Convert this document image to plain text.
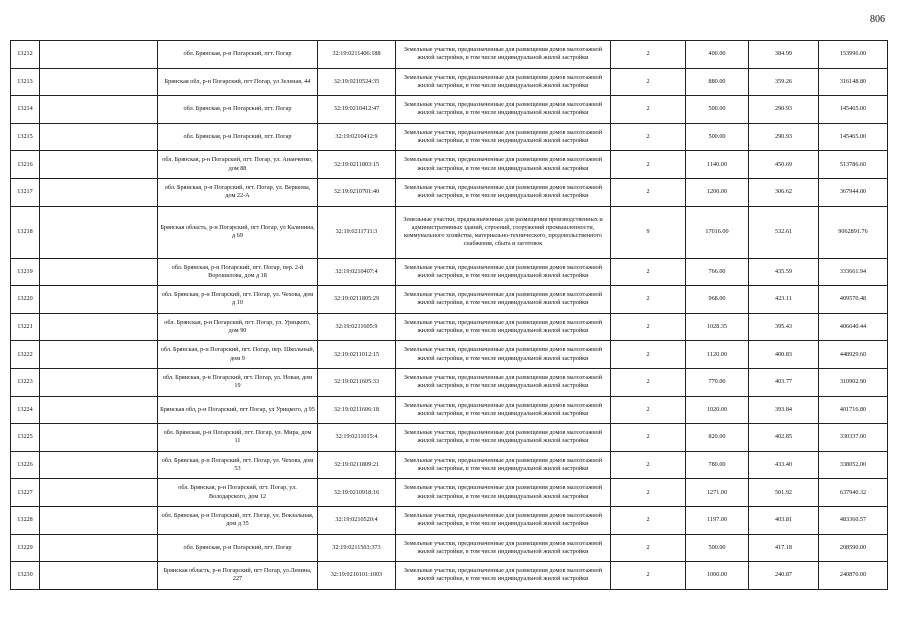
806
13212		обл. Брянская, р-н Погарский, пгт. Погар	32:19:0211406:188	Земельные участки, предназначенные для размещения домов малоэтажной жилой застройки, в том числе индивидуальной жилой застройки	2	400.00	384.99	153996.00
13213		Брянская обл, р-н Погарский, пгт Погар, ул Зеленая, 44	32:19:0210524:35	Земельные участки, предназначенные для размещения домов малоэтажной жилой застройки, в том числе индивидуальной жилой застройки	2	880.00	359.26	316148.80
13214		обл. Брянская, р-н Погарский, пгт. Погар	32:19:0210412:47	Земельные участки, предназначенные для размещения домов малоэтажной жилой застройки, в том числе индивидуальной жилой застройки	2	500.00	290.93	145465.00
13215		обл. Брянская, р-н Погарский, пгт. Погар	32:19:0210412:9	Земельные участки, предназначенные для размещения домов малоэтажной жилой застройки, в том числе индивидуальной жилой застройки	2	500.00	290.93	145465.00
13216		обл. Брянская, р-н Погарский, пгт. Погар, ул. Ананченко, дом 88	32:19:0211803:15	Земельные участки, предназначенные для размещения домов малоэтажной жилой застройки, в том числе индивидуальной жилой застройки	2	1140.00	450.69	513786.60
13217		обл. Брянская, р-н Погарский, пгт. Погар, ул. Веркеева, дом 22-А	32:19:0210701:40	Земельные участки, предназначенные для размещения домов малоэтажной жилой застройки, в том числе индивидуальной жилой застройки	2	1200.00	306.62	367944.00
13218		Брянская область, р-н Погарский, пгт Погар, ул Калинина, д 69	32:19:0211711:3	Земельные участки, предназначенные для размещения производственных и административных зданий, строений, сооружений промышленности, коммунального хозяйства, материально-технического, продовольственного снабжения, сбыта и заготовок	9	17016.00	532.61	9062891.76
13219		обл. Брянская, р-н Погарский, пгт. Погар, пер. 2-й Ворошилова, дом д 18	32:19:0210407:4	Земельные участки, предназначенные для размещения домов малоэтажной жилой застройки, в том числе индивидуальной жилой застройки	2	766.00	435.59	333661.94
13220		обл. Брянская, р-н Погарский, пгт. Погар, ул. Чехова, дом д 10	32:19:0211805:29	Земельные участки, предназначенные для размещения домов малоэтажной жилой застройки, в том числе индивидуальной жилой застройки	2	968.00	423.11	409570.48
13221		обл. Брянская, р-н Погарский, пгт. Погар, ул. Урицкого, дом 90	32:19:0211605:9	Земельные участки, предназначенные для размещения домов малоэтажной жилой застройки, в том числе индивидуальной жилой застройки	2	1028.35	395.43	406640.44
13222		обл. Брянская, р-н Погарский, пгт. Погар, пер. Школьный, дом 9	32:19:0211012:15	Земельные участки, предназначенные для размещения домов малоэтажной жилой застройки, в том числе индивидуальной жилой застройки	2	1120.00	400.83	448929.60
13223		обл. Брянская, р-н Погарский, пгт. Погар, ул. Новая, дом 19	32:19:0211605:33	Земельные участки, предназначенные для размещения домов малоэтажной жилой застройки, в том числе индивидуальной жилой застройки	2	770.00	403.77	310902.90
13224		Брянская обл, р-н Погарский, пгт Погар, ул Урицкого, д 95	32:19:0211606:18	Земельные участки, предназначенные для размещения домов малоэтажной жилой застройки, в том числе индивидуальной жилой застройки	2	1020.00	393.84	401716.80
13225		обл. Брянская, р-н Погарский, пгт. Погар, ул. Мира, дом 11	32:19:0211015:4	Земельные участки, предназначенные для размещения домов малоэтажной жилой застройки, в том числе индивидуальной жилой застройки	2	820.00	402.85	330337.00
13226		обл. Брянская, р-н Погарский, пгт. Погар, ул. Чехова, дом 53	32:19:0211809:21	Земельные участки, предназначенные для размещения домов малоэтажной жилой застройки, в том числе индивидуальной жилой застройки	2	780.00	433.40	338052.00
13227		обл. Брянская, р-н Погарский, пгт. Погар, ул. Володарского, дом 12	32:19:0210918:16	Земельные участки, предназначенные для размещения домов малоэтажной жилой застройки, в том числе индивидуальной жилой застройки	2	1271.00	501.92	637940.32
13228		обл. Брянская, р-н Погарский, пгт. Погар, ул. Вокзальная, дом д 35	32:19:0210520:4	Земельные участки, предназначенные для размещения домов малоэтажной жилой застройки, в том числе индивидуальной жилой застройки	2	1197.00	403.81	483360.57
13229		обл. Брянская, р-н Погарский, пгт. Погар	32:19:0211503:373	Земельные участки, предназначенные для размещения домов малоэтажной жилой застройки, в том числе индивидуальной жилой застройки	2	500.00	417.18	208590.00
13230		Брянская область, р-н Погарский, пгт Погар, ул.Ленина, 227	32:19:0210101:1003	Земельные участки, предназначенные для размещения домов малоэтажной жилой застройки, в том числе индивидуальной жилой застройки	2	1000.00	240.87	240870.00
